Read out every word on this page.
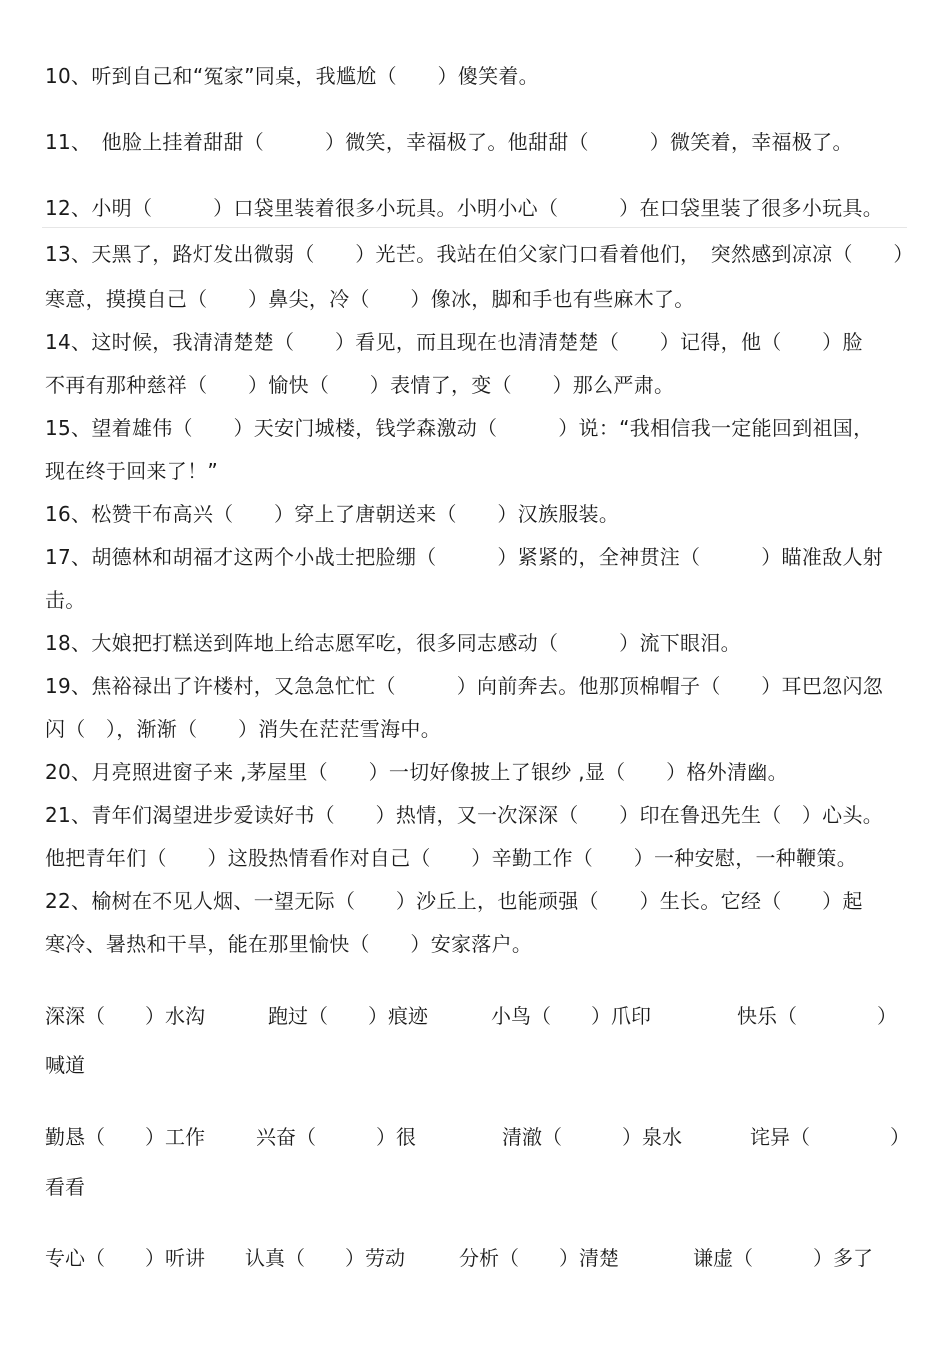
10、听到自己和“冤家”同桌，我尴尬（　　）傻笑着。
11、　他脸上挂着甜甜（　　　）微笑，幸福极了。他甜甜（　　　）微笑着，幸福极了。
12、小明（　　　）口袋里装着很多小玩具。小明小心（　　　）在口袋里装了很多小玩具。
13、天黑了，路灯发出微弱（　　）光芒。我站在伯父家门口看着他们，　突然感到凉凉（　　）
寒意，摸摸自己（　　）鼻尖，冷（　　）像冰，脚和手也有些麻木了。
14、这时候，我清清楚楚（　　）看见，而且现在也清清楚楚（　　）记得，他（　　）脸
不再有那种慈祥（　　）愉快（　　）表情了，变（　　）那么严肃。
15、望着雄伟（　　）天安门城楼，钱学森激动（　　　）说：“我相信我一定能回到祖国，
现在终于回来了！”
16、松赞干布高兴（　　）穿上了唐朝送来（　　）汉族服装。
17、胡德林和胡福才这两个小战士把脸绷（　　　）紧紧的，全神贯注（　　　）瞄准敌人射
击。
18、大娘把打糕送到阵地上给志愿军吃，很多同志感动（　　　）流下眼泪。
19、焦裕禄出了许楼村，又急急忙忙（　　　）向前奔去。他那顶棉帽子（　　）耳巴忽闪忽
闪（　），渐渐（　　）消失在茫茫雪海中。
20、月亮照进窗子来 ,茅屋里（　　）一切好像披上了银纱 ,显（　　）格外清幽。
21、青年们渴望进步爱读好书（　　）热情，又一次深深（　　）印在鲁迅先生（　）心头。
他把青年们（　　）这股热情看作对自己（　　）辛勤工作（　　）一种安慰，一种鞭策。
22、榆树在不见人烟、一望无际（　　）沙丘上，也能顽强（　　）生长。它经（　　）起
寒冷、暑热和干旱，能在那里愉快（　　）安家落户。
深深（　　）水沟	跑过（　　）痕迹	小鸟（　　）爪印	快乐（　　　　）
喊道
勤恳（　　）工作	兴奋（　　　）很	清澈（　　　）泉水	诧异（　　　　）
看看
专心（　　）听讲 认真（　　）劳动	分析（　　）清楚	谦虚（　　　）多了
